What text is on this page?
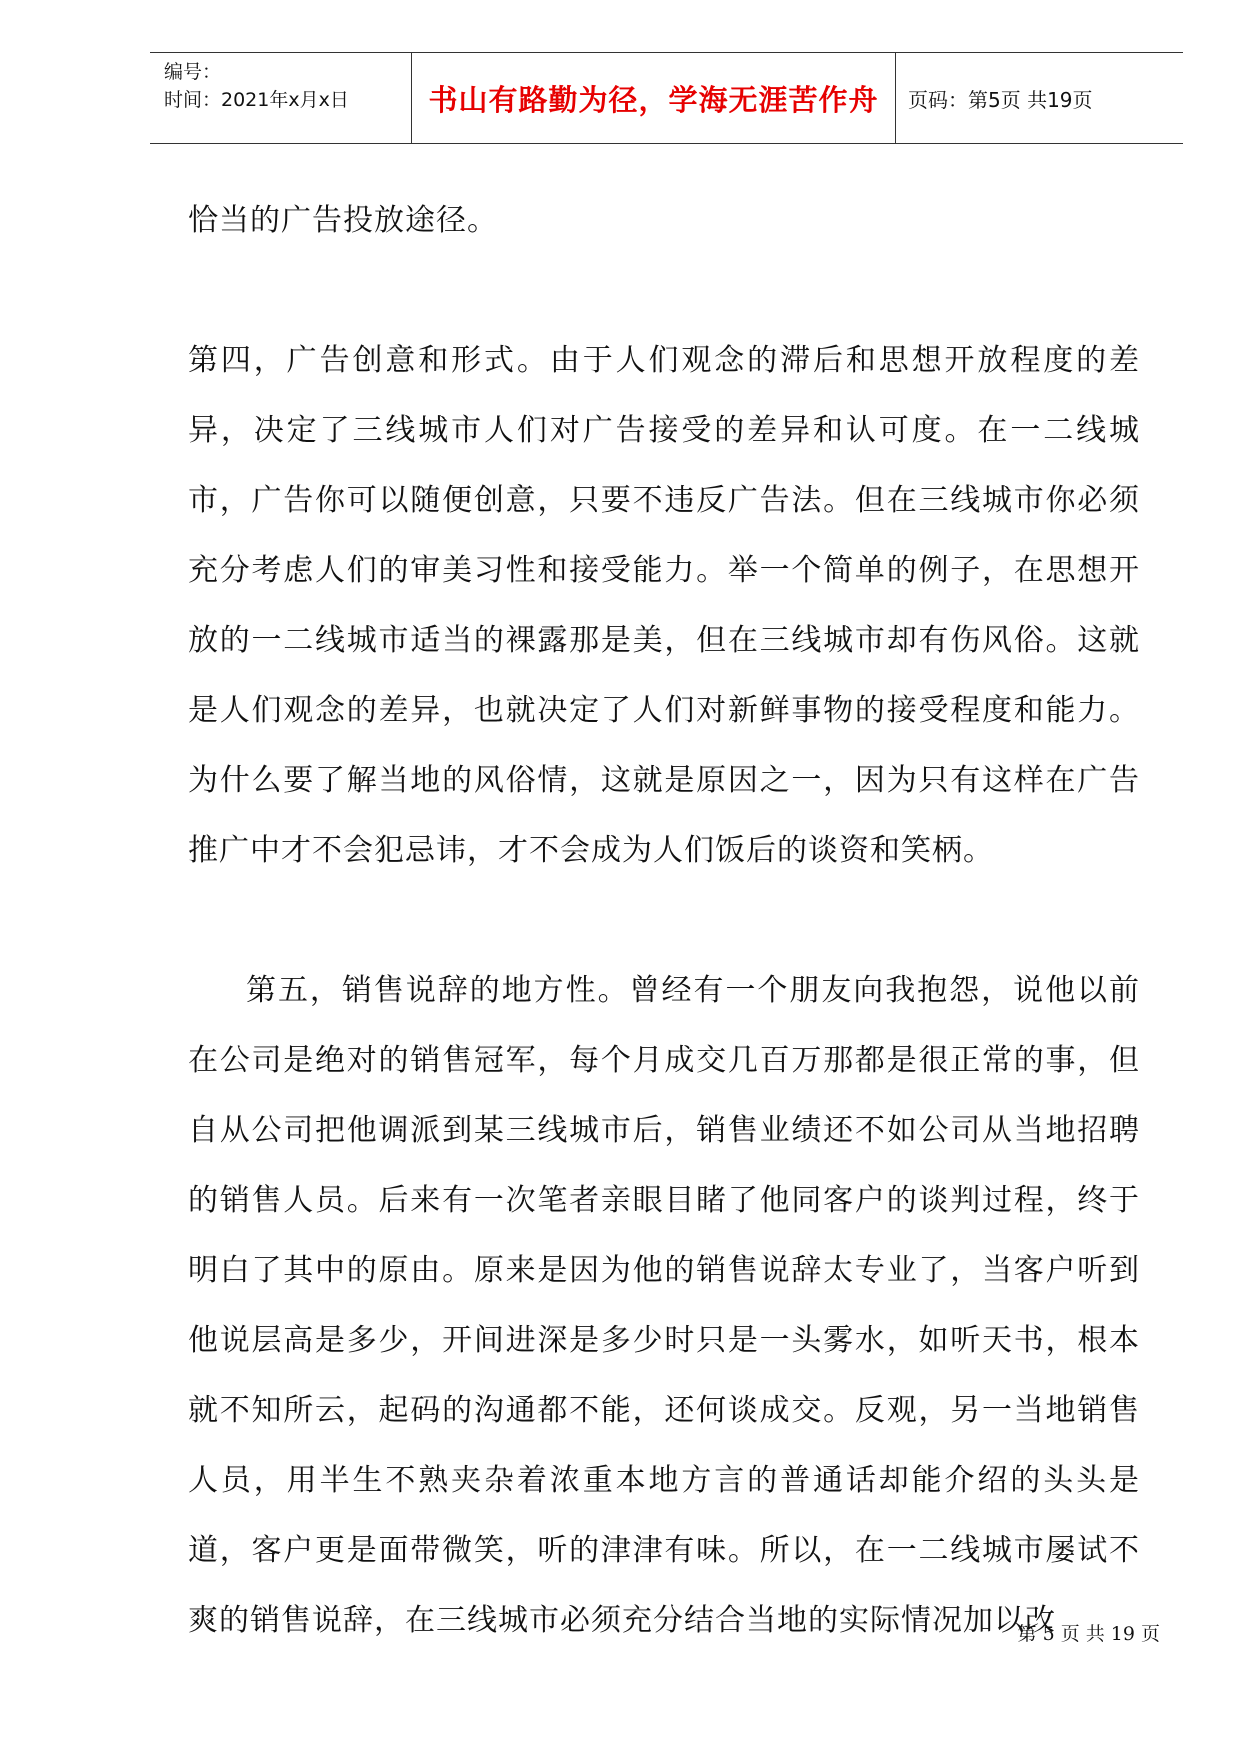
编号：
时间：2021年x月x日	书山有路勤为径，学海无涯苦作舟 页码：第5页 共19页

恰当的广告投放途径。

第四，广告创意和形式。由于人们观念的滞后和思想开放程度的差异，决定了三线城市人们对广告接受的差异和认可度。在一二线城市，广告你可以随便创意，只要不违反广告法。但在三线城市你必须充分考虑人们的审美习性和接受能力。举一个简单的例子，在思想开放的一二线城市适当的裸露那是美，但在三线城市却有伤风俗。这就是人们观念的差异，也就决定了人们对新鲜事物的接受程度和能力。为什么要了解当地的风俗情，这就是原因之一，因为只有这样在广告推广中才不会犯忌讳，才不会成为人们饭后的谈资和笑柄。

第五，销售说辞的地方性。曾经有一个朋友向我抱怨，说他以前在公司是绝对的销售冠军，每个月成交几百万那都是很正常的事，但自从公司把他调派到某三线城市后，销售业绩还不如公司从当地招聘的销售人员。后来有一次笔者亲眼目睹了他同客户的谈判过程，终于明白了其中的原由。原来是因为他的销售说辞太专业了，当客户听到他说层高是多少，开间进深是多少时只是一头雾水，如听天书，根本就不知所云，起码的沟通都不能，还何谈成交。反观，另一当地销售人员，用半生不熟夹杂着浓重本地方言的普通话却能介绍的头头是道，客户更是面带微笑，听的津津有味。所以，在一二线城市屡试不爽的销售说辞，在三线城市必须充分结合当地的实际情况加以改

第 5 页 共 19 页
